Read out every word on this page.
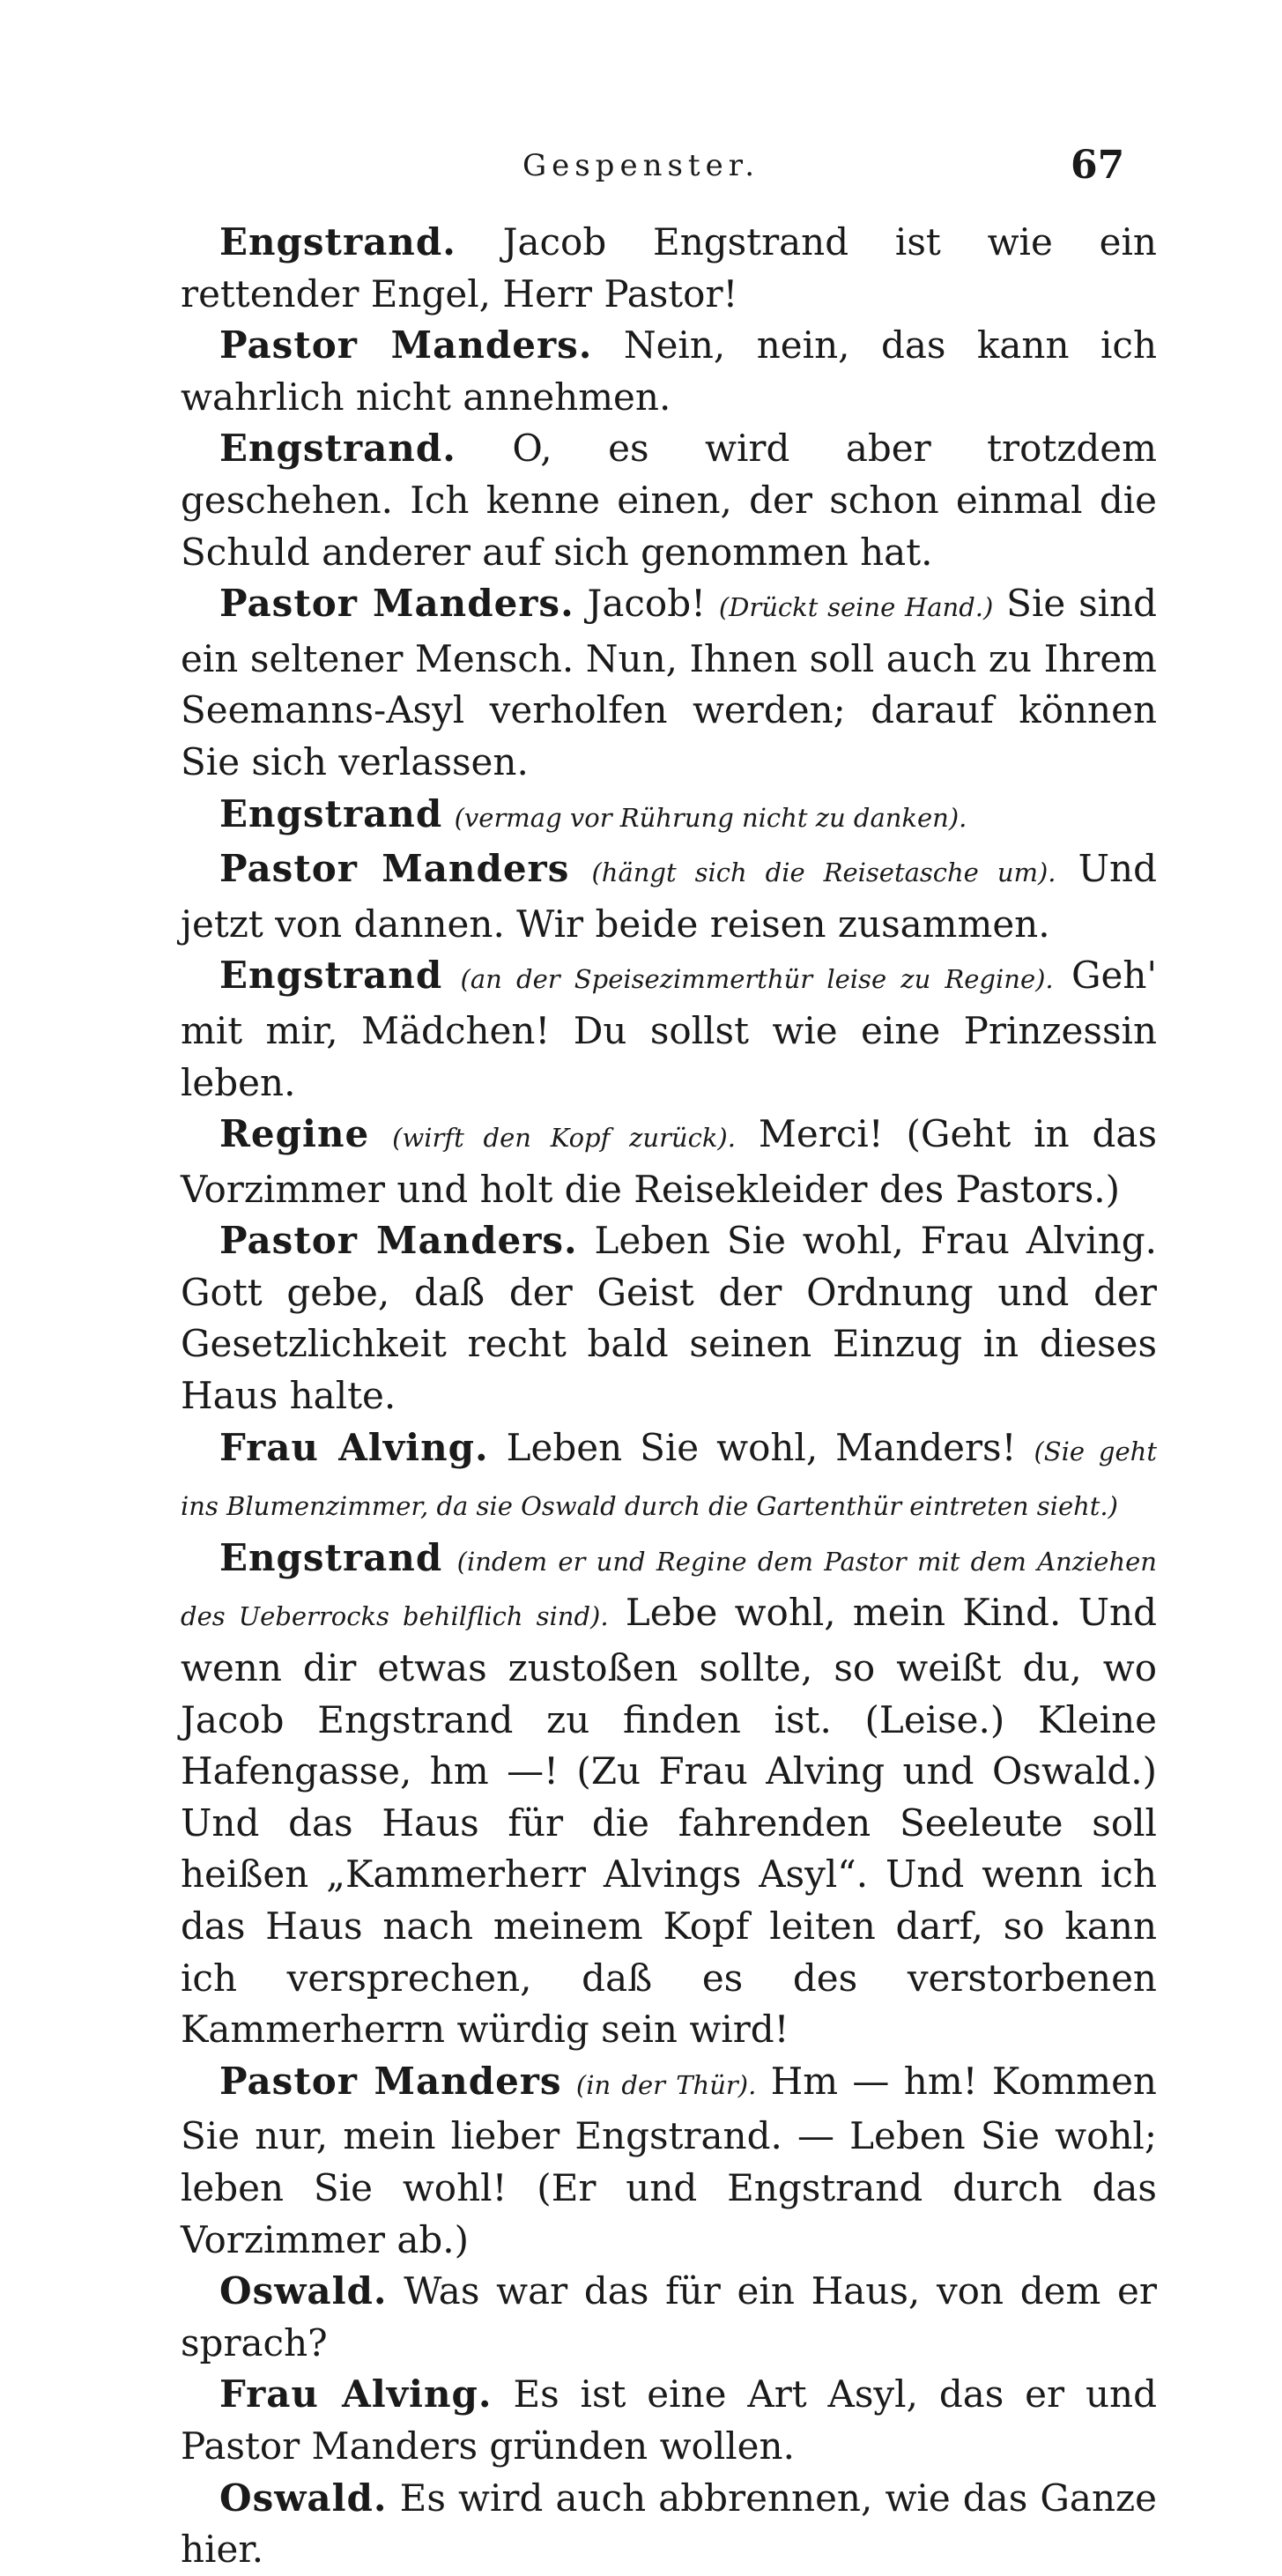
Gespenster.	67

Engstrand. Jacob Engstrand ist wie ein rettender Engel, Herr Pastor!

Pastor Manders. Nein, nein, das kann ich wahrlich nicht annehmen.

Engstrand. O, es wird aber trotzdem geschehen. Ich kenne einen, der schon einmal die Schuld anderer auf sich genommen hat.

Pastor Manders. Jacob! (Drückt seine Hand.) Sie sind ein seltener Mensch. Nun, Ihnen soll auch zu Ihrem Seemanns-Asyl verholfen werden; darauf können Sie sich verlassen.

Engstrand (vermag vor Rührung nicht zu danken).

Pastor Manders (hängt sich die Reisetasche um). Und jetzt von dannen. Wir beide reisen zusammen.

Engstrand (an der Speisezimmerthür leise zu Regine). Geh' mit mir, Mädchen! Du sollst wie eine Prinzessin leben.

Regine (wirft den Kopf zurück). Merci! (Geht in das Vorzimmer und holt die Reisekleider des Pastors.)

Pastor Manders. Leben Sie wohl, Frau Alving. Gott gebe, daß der Geist der Ordnung und der Gesetzlichkeit recht bald seinen Einzug in dieses Haus halte.

Frau Alving. Leben Sie wohl, Manders! (Sie geht ins Blumenzimmer, da sie Oswald durch die Gartenthür eintreten sieht.)

Engstrand (indem er und Regine dem Pastor mit dem Anziehen des Ueberrocks behilflich sind). Lebe wohl, mein Kind. Und wenn dir etwas zustoßen sollte, so weißt du, wo Jacob Engstrand zu finden ist. (Leise.) Kleine Hafengasse, hm —! (Zu Frau Alving und Oswald.) Und das Haus für die fahrenden Seeleute soll heißen „Kammerherr Alvings Asyl“. Und wenn ich das Haus nach meinem Kopf leiten darf, so kann ich versprechen, daß es des verstorbenen Kammerherrn würdig sein wird!

Pastor Manders (in der Thür). Hm — hm! Kommen Sie nur, mein lieber Engstrand. — Leben Sie wohl; leben Sie wohl! (Er und Engstrand durch das Vorzimmer ab.)

Oswald. Was war das für ein Haus, von dem er sprach?

Frau Alving. Es ist eine Art Asyl, das er und Pastor Manders gründen wollen.

Oswald. Es wird auch abbrennen, wie das Ganze hier.
